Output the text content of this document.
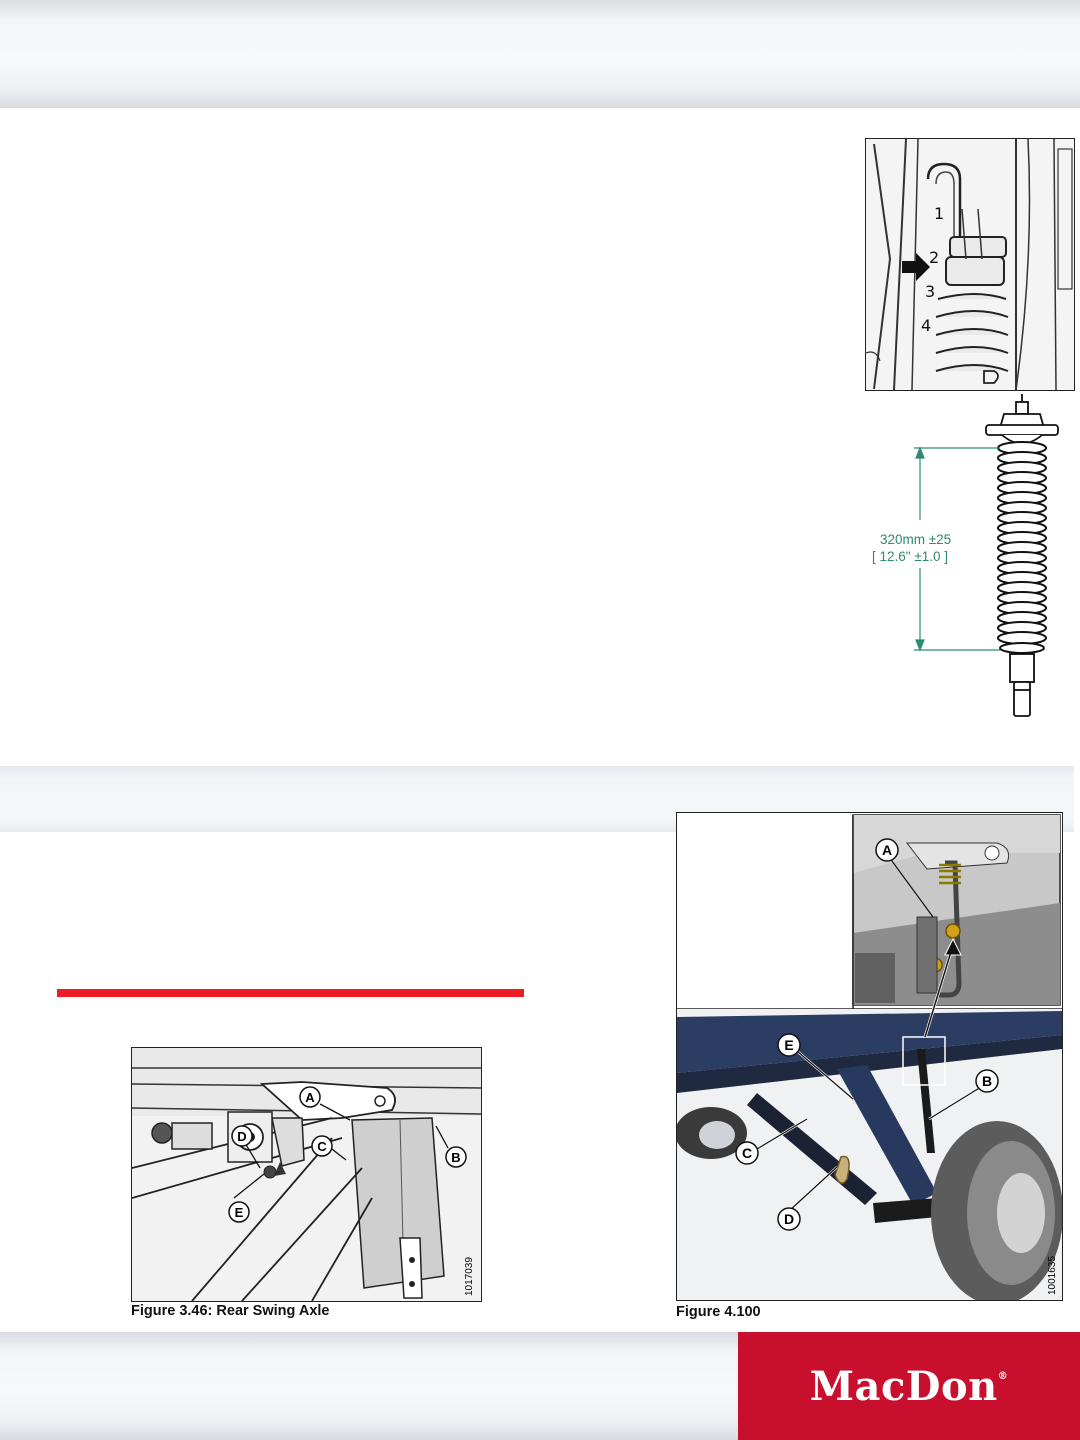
1
2
3
4
320mm ±25
[ 12.6" ±1.0 ]
A
D
C
B
E
1017039
Figure 3.46: Rear Swing Axle
A
E
B
C
D
1001635
Figure 4.100
MacDon®
